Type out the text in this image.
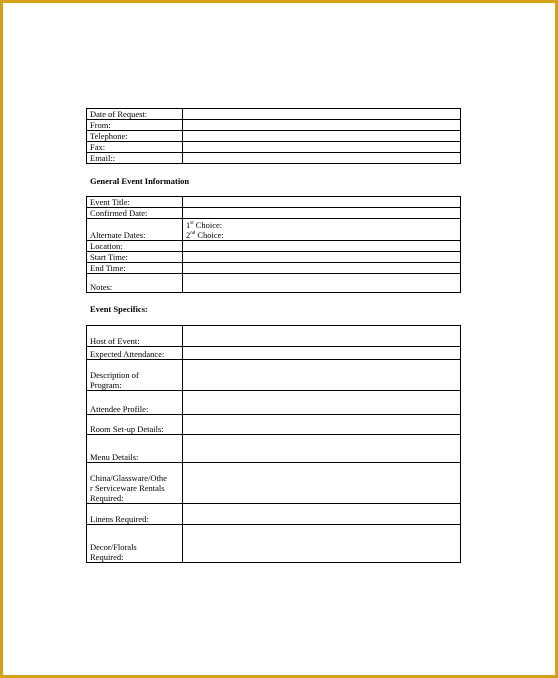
Date of Request:	
From:	
Telephone:	
Fax:	
Email::	

General Event Information

Event Title:	
Confirmed Date:	
Alternate Dates:	1st Choice:
2nd Choice:

Location:	
Start Time:	
End Time:	
Notes:	

Event Specifics:

Host of Event:	
Expected Attendance:	
Description of
Program:	
Attendee Profile:	
Room Set-up Details:	
Menu Details:	
China/Glassware/Othe
r Serviceware Rentals
Required:	
Linens Required:	
Decor/Florals
Required:	
